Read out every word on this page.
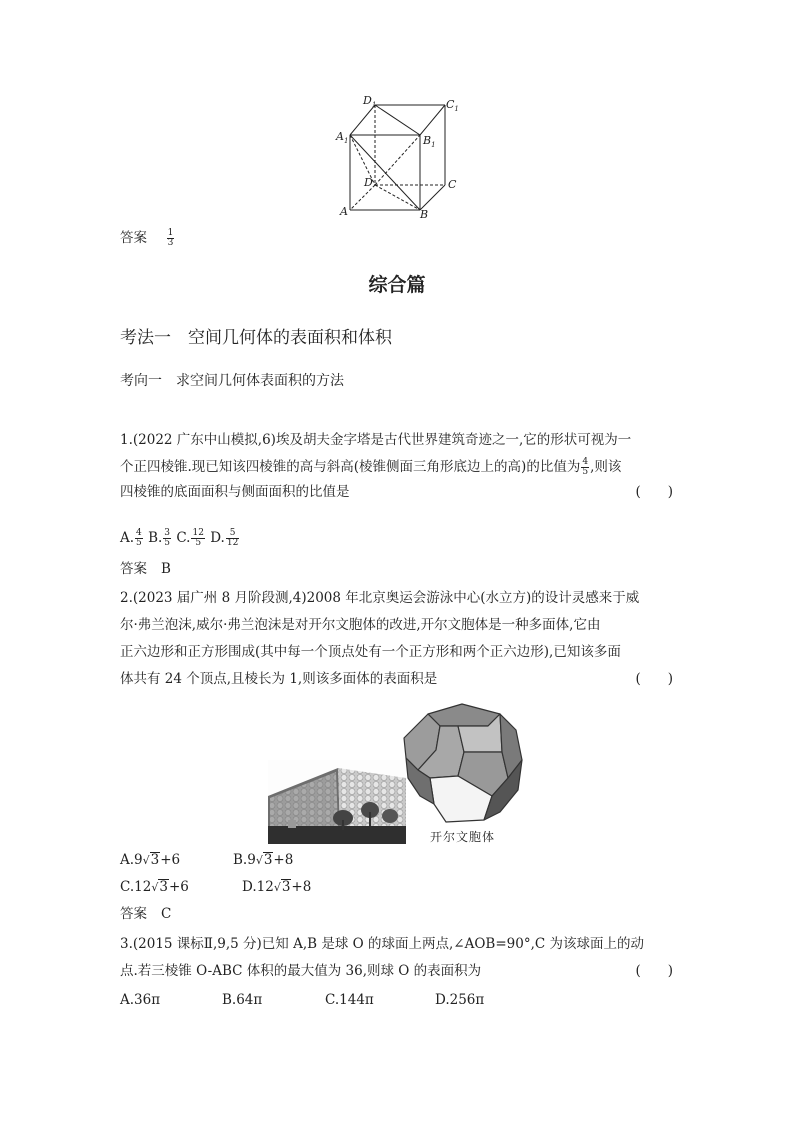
$D_1$	$C_1$
$A_1$	$B_1$
D	C
A	B
答案 $\frac{1}{3}$
综合篇
考法一　空间几何体的表面积和体积
考向一　求空间几何体表面积的方法
1.(2022 广东中山模拟,6)埃及胡夫金字塔是古代世界建筑奇迹之一,它的形状可视为一
个正四棱锥.现已知该四棱锥的高与斜高(棱锥侧面三角形底边上的高)的比值为 $\frac{4}{5}$ ,则该
四棱锥的底面面积与侧面面积的比值是	(　　)
A. $\frac{4}{5} B$. $\frac{3}{5} C$. $\frac{12}{5} D$. $\frac{5}{12}$
答案 B
2.(2023 届广州 8 月阶段测,4)2008 年北京奥运会游泳中心(水立方)的设计灵感来于威
尔·弗兰泡沫,威尔·弗兰泡沫是对开尔文胞体的改进,开尔文胞体是一种多面体,它由
正六边形和正方形围成(其中每一个顶点处有一个正方形和两个正六边形),已知该多面
体共有 24 个顶点,且棱长为 1,则该多面体的表面积是	(　　)
开尔文胞体
A.9√3+6	B.9√3+8
C.12√3+6	D.12√3+8
答案 C
3.(2015 课标Ⅱ,9,5 分)已知 A,B 是球 O 的球面上两点,∠AOB=90°,C 为该球面上的动
点.若三棱锥 O-ABC 体积的最大值为 36,则球 O 的表面积为	(　　)
A.36π	B.64π	C.144π	D.256π
